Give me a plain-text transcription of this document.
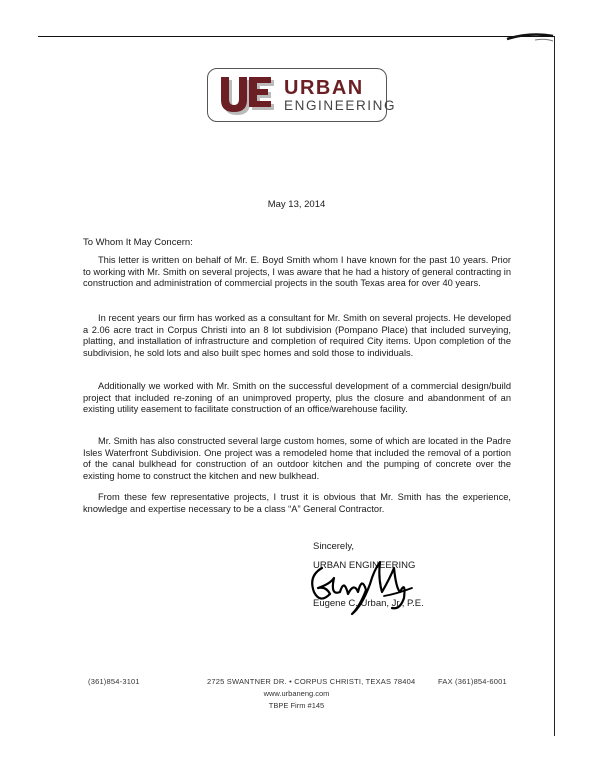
URBAN
ENGINEERING
May 13, 2014
To Whom It May Concern:

This letter is written on behalf of Mr. E. Boyd Smith whom I have known for the past 10 years. Prior to working with Mr. Smith on several projects, I was aware that he had a history of general contracting in construction and administration of commercial projects in the south Texas area for over 40 years.

In recent years our firm has worked as a consultant for Mr. Smith on several projects. He developed a 2.06 acre tract in Corpus Christi into an 8 lot subdivision (Pompano Place) that included surveying, platting, and installation of infrastructure and completion of required City items. Upon completion of the subdivision, he sold lots and also built spec homes and sold those to individuals.

Additionally we worked with Mr. Smith on the successful development of a commercial design/build project that included re-zoning of an unimproved property, plus the closure and abandonment of an existing utility easement to facilitate construction of an office/warehouse facility.

Mr. Smith has also constructed several large custom homes, some of which are located in the Padre Isles Waterfront Subdivision. One project was a remodeled home that included the removal of a portion of the canal bulkhead for construction of an outdoor kitchen and the pumping of concrete over the existing home to construct the kitchen and new bulkhead.

From these few representative projects, I trust it is obvious that Mr. Smith has the experience, knowledge and expertise necessary to be a class “A” General Contractor.

Sincerely,
URBAN ENGINEERING
Eugene C. Urban, Jr., P.E.
(361)854-3101	2725 SWANTNER DR. • CORPUS CHRISTI, TEXAS 78404	FAX (361)854-6001
www.urbaneng.com
TBPE Firm #145
